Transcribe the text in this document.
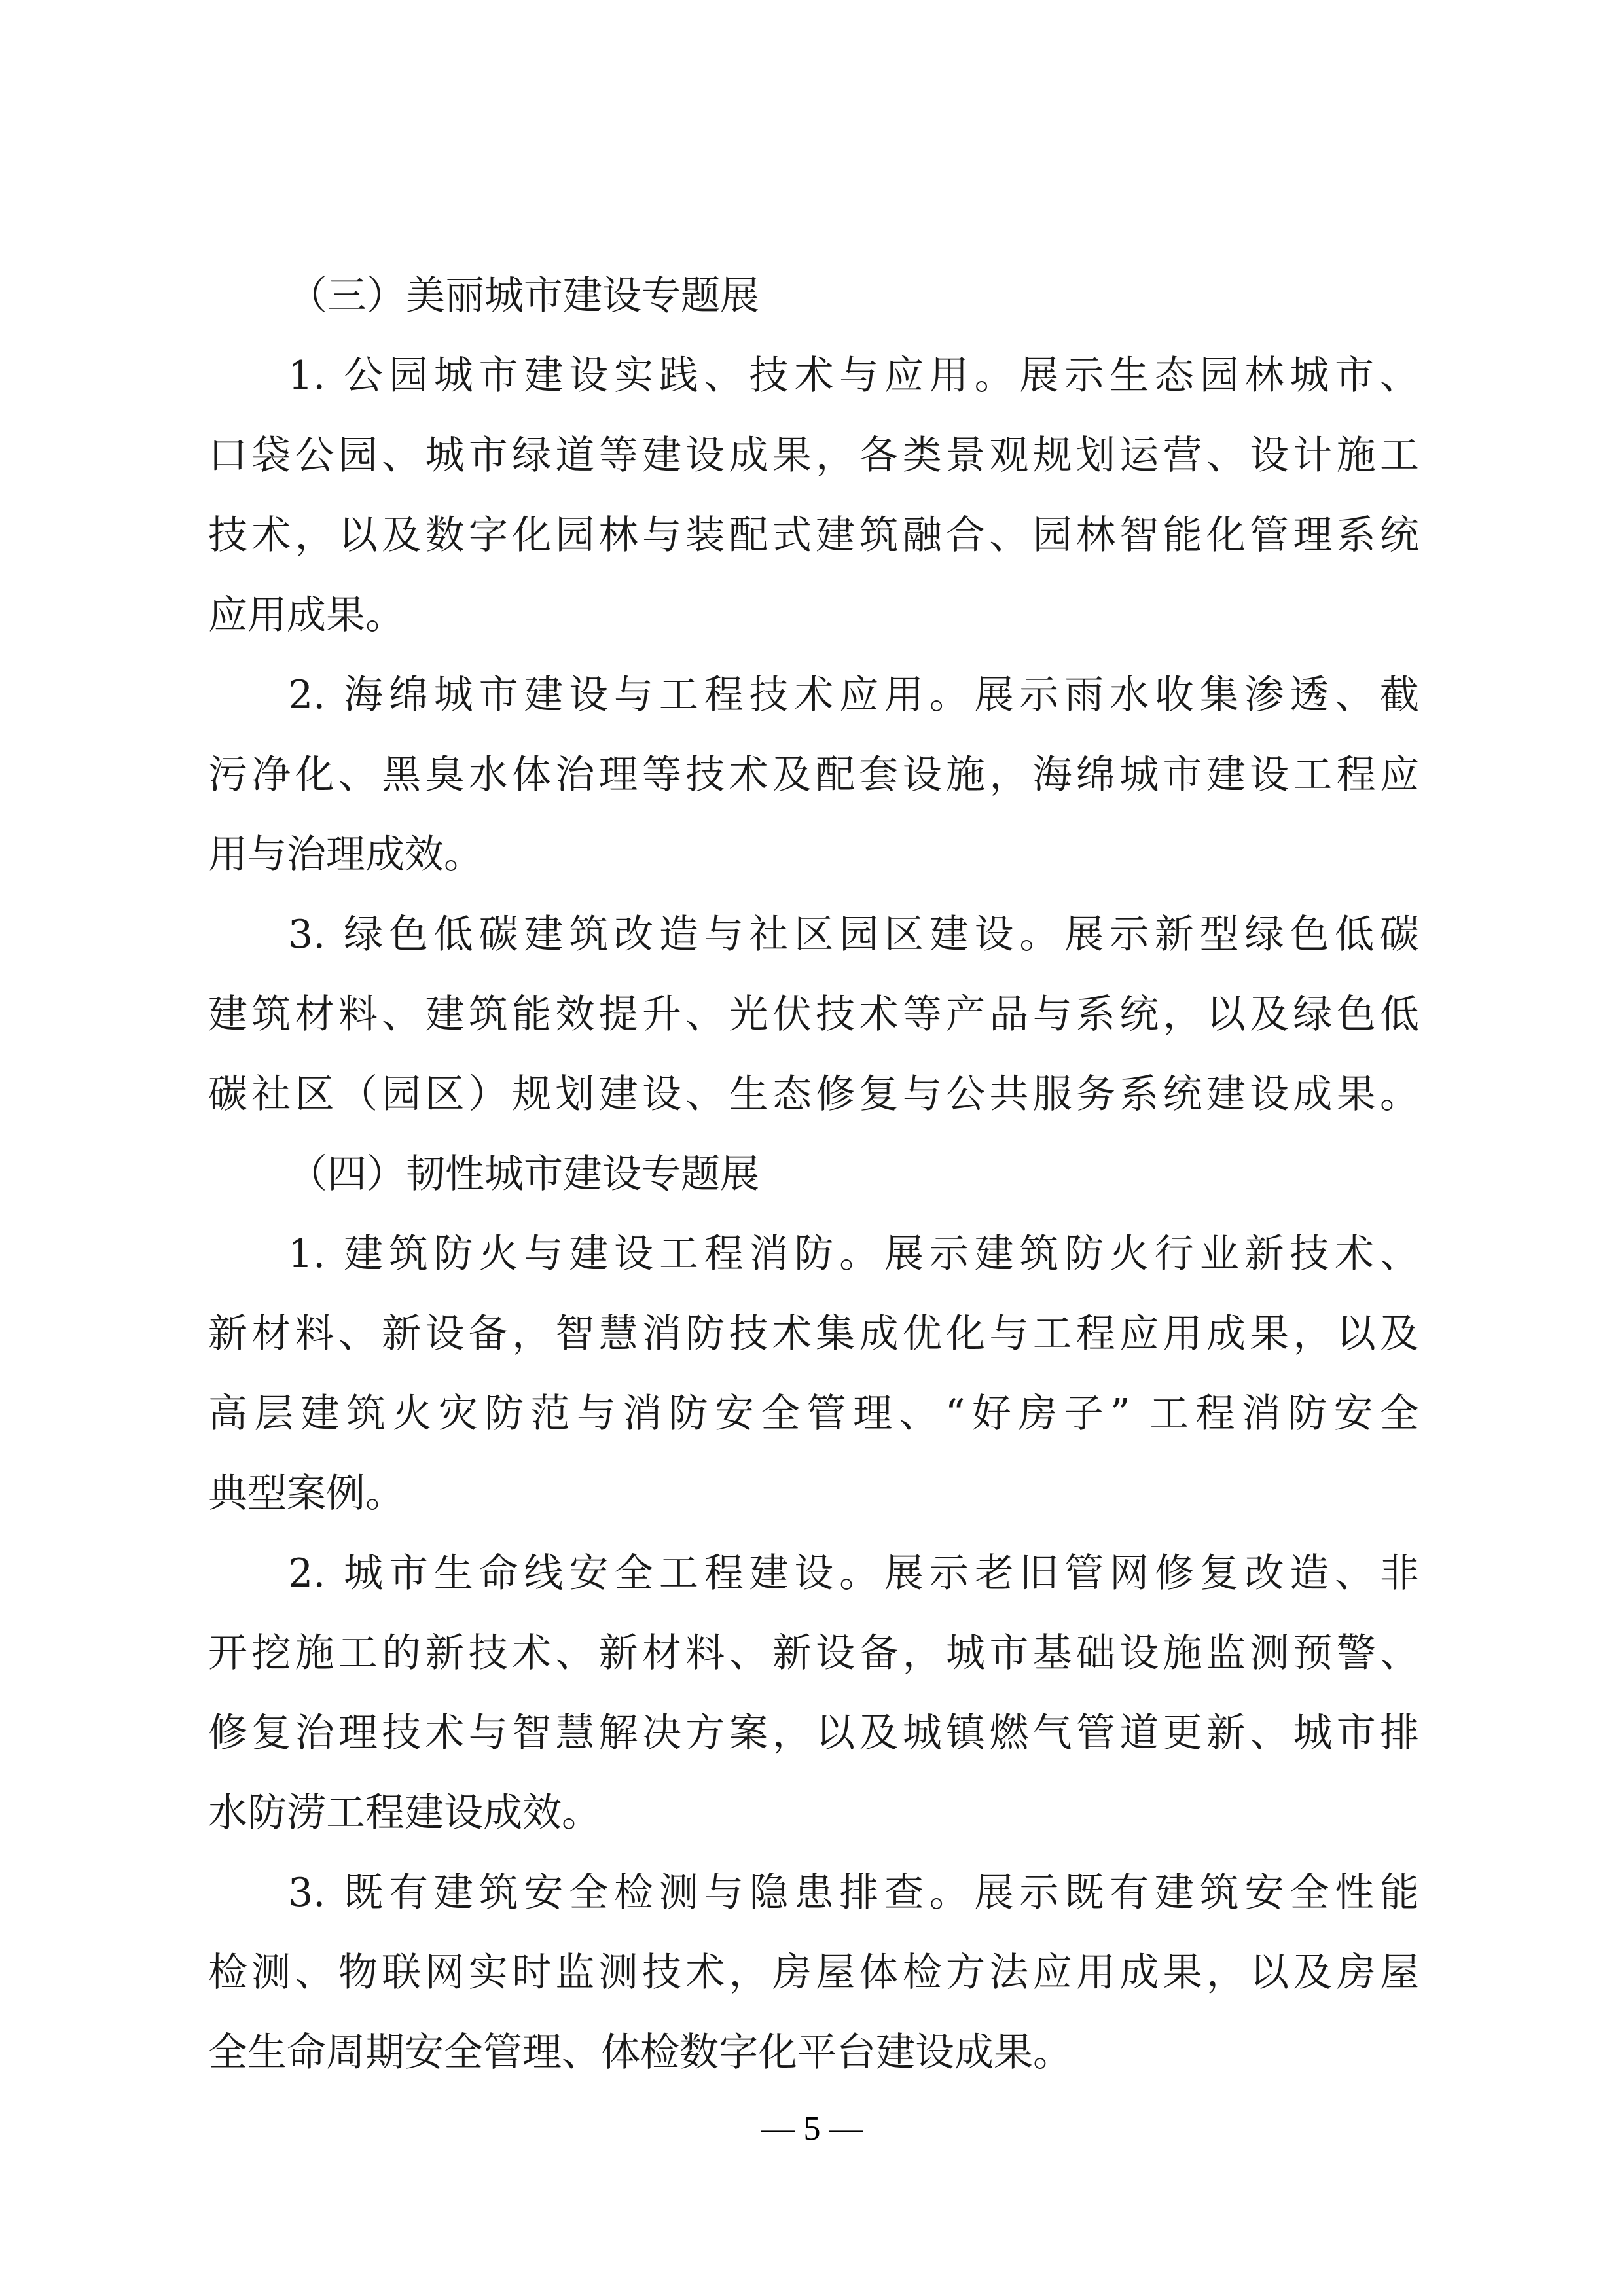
（三）美丽城市建设专题展
1. 公园城市建设实践、技术与应用。展示生态园林城市、
口袋公园、城市绿道等建设成果，各类景观规划运营、设计施工
技术，以及数字化园林与装配式建筑融合、园林智能化管理系统
应用成果。
2. 海绵城市建设与工程技术应用。展示雨水收集渗透、截
污净化、黑臭水体治理等技术及配套设施，海绵城市建设工程应
用与治理成效。
3. 绿色低碳建筑改造与社区园区建设。展示新型绿色低碳
建筑材料、建筑能效提升、光伏技术等产品与系统，以及绿色低
碳社区（园区）规划建设、生态修复与公共服务系统建设成果。
（四）韧性城市建设专题展
1. 建筑防火与建设工程消防。展示建筑防火行业新技术、
新材料、新设备，智慧消防技术集成优化与工程应用成果，以及
高层建筑火灾防范与消防安全管理、“好房子” 工程消防安全
典型案例。
2. 城市生命线安全工程建设。展示老旧管网修复改造、非
开挖施工的新技术、新材料、新设备，城市基础设施监测预警、
修复治理技术与智慧解决方案，以及城镇燃气管道更新、城市排
水防涝工程建设成效。
3. 既有建筑安全检测与隐患排查。展示既有建筑安全性能
检测、物联网实时监测技术，房屋体检方法应用成果，以及房屋
全生命周期安全管理、体检数字化平台建设成果。
— 5 —
